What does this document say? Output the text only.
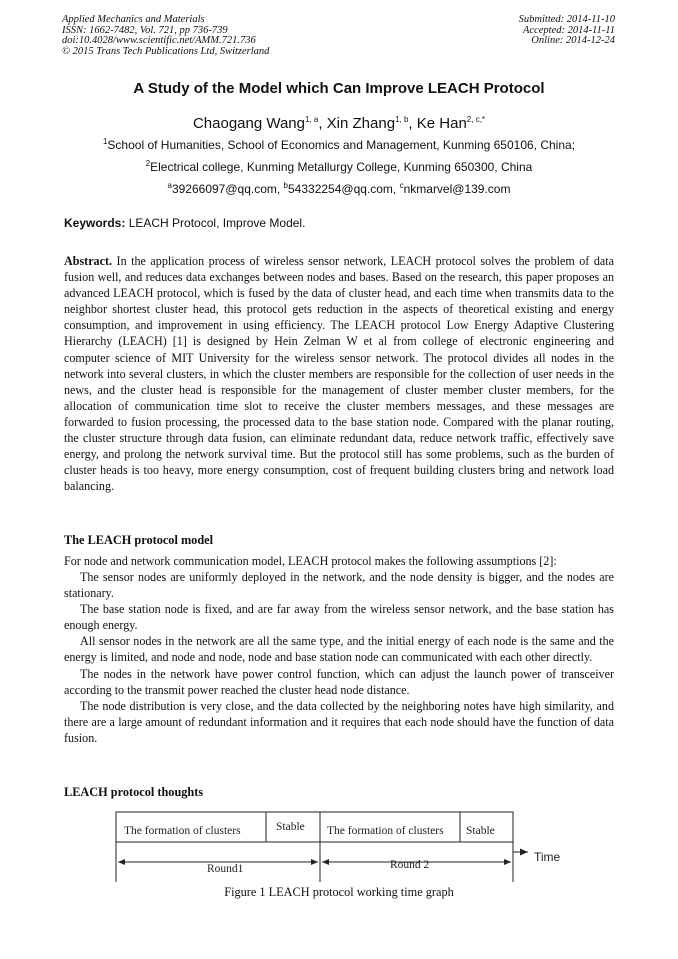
Applied Mechanics and Materials
ISSN: 1662-7482, Vol. 721, pp 736-739
doi:10.4028/www.scientific.net/AMM.721.736
© 2015 Trans Tech Publications Ltd, Switzerland
Submitted: 2014-11-10
Accepted: 2014-11-11
Online: 2014-12-24
A Study of the Model which Can Improve LEACH Protocol
Chaogang Wang$^{1, a}$, Xin Zhang$^{1, b}$, Ke Han$^{2, c,*}$
$^1$School of Humanities, School of Economics and Management, Kunming 650106, China;
$^2$Electrical college, Kunming Metallurgy College, Kunming 650300, China
$^a$39266097@qq.com, $^b$54332254@qq.com, $^c$nkmarvel@139.com
Keywords: LEACH Protocol, Improve Model.

Abstract. In the application process of wireless sensor network, LEACH protocol solves the problem of data fusion well, and reduces data exchanges between nodes and bases. Based on the research, this paper proposes an advanced LEACH protocol, which is fused by the data of cluster head, and each time when transmits data to the neighbor shortest cluster head, this protocol gets reduction in the aspects of theoretical existing and energy consumption, and improvement in using efficiency. The LEACH protocol Low Energy Adaptive Clustering Hierarchy (LEACH) [1] is designed by Hein Zelman W et al from college of electronic engineering and computer science of MIT University for the wireless sensor network. The protocol divides all nodes in the network into several clusters, in which the cluster members are responsible for the collection of user needs in the news, and the cluster head is responsible for the management of cluster member cluster members, for the allocation of communication time slot to receive the cluster members messages, and these messages are forwarded to fusion processing, the processed data to the base station node. Compared with the planar routing, the cluster structure through data fusion, can eliminate redundant data, reduce network traffic, effectively save energy, and prolong the network survival time. But the protocol still has some problems, such as the burden of cluster heads is too heavy, more energy consumption, cost of frequent building clusters bring and network load balancing.

The LEACH protocol model

For node and network communication model, LEACH protocol makes the following assumptions [2]:

The sensor nodes are uniformly deployed in the network, and the node density is bigger, and the nodes are stationary.

The base station node is fixed, and are far away from the wireless sensor network, and the base station has enough energy.

All sensor nodes in the network are all the same type, and the initial energy of each node is the same and the energy is limited, and node and node, node and base station node can communicated with each other directly.

The nodes in the network have power control function, which can adjust the launch power of transceiver according to the transmit power reached the cluster head node distance.

The node distribution is very close, and the data collected by the neighboring notes have high similarity, and there are a large amount of redundant information and it requires that each node should have the function of data fusion.

LEACH protocol thoughts
The formation of clusters	Stable The formation of clusters Stable
Round1	Round 2
Time
Figure 1 LEACH protocol working time graph
